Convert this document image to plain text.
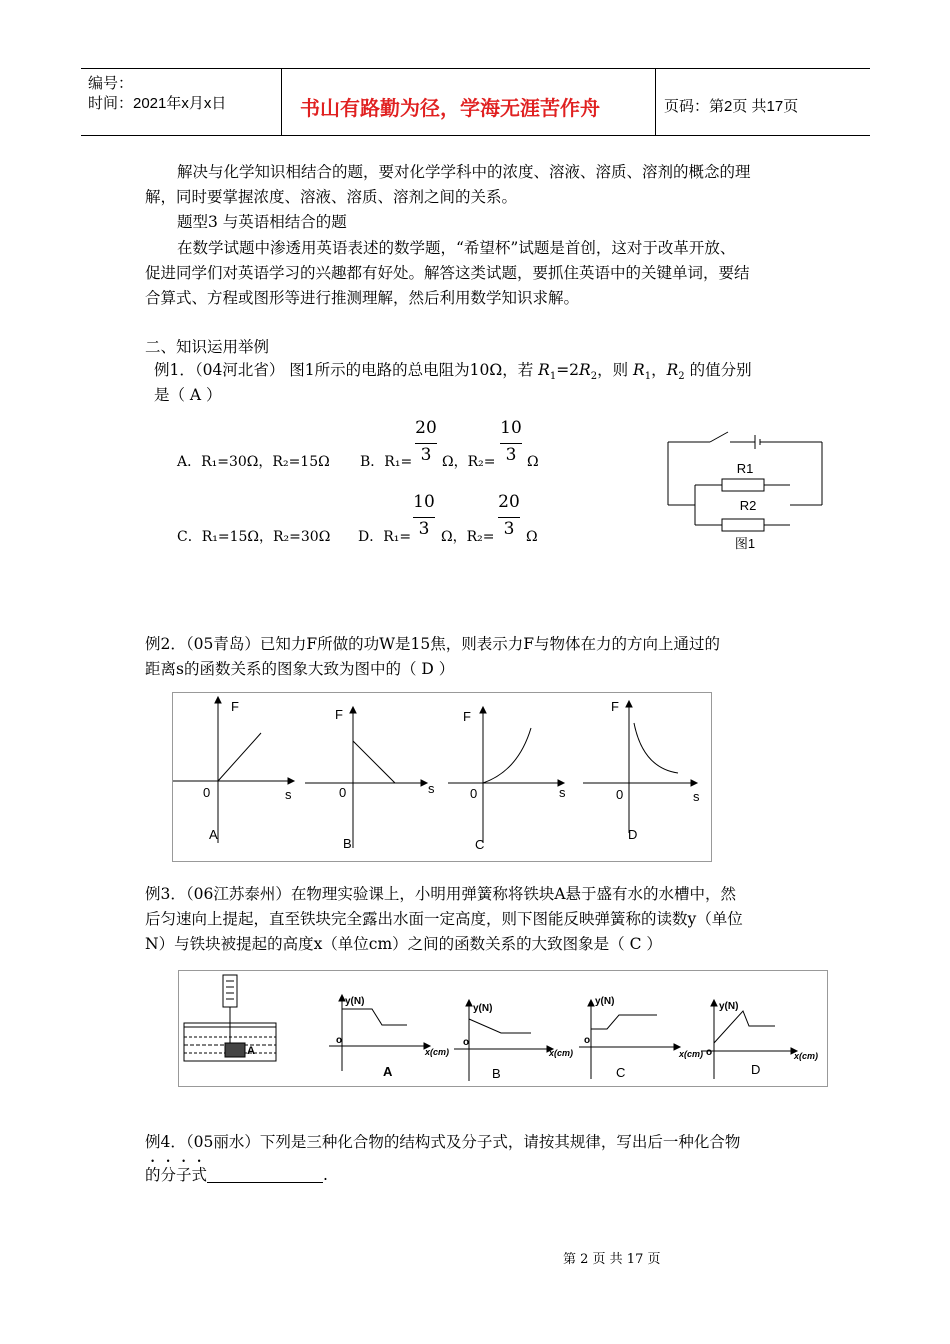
编号：
时间：2021年x月x日	书山有路勤为径，学海无涯苦作舟	页码：第2页 共17页
解决与化学知识相结合的题，要对化学学科中的浓度、溶液、溶质、溶剂的概念的理
解，同时要掌握浓度、溶液、溶质、溶剂之间的关系。
题型3 与英语相结合的题
在数学试题中渗透用英语表述的数学题，“希望杯”试题是首创，这对于改革开放、
促进同学们对英语学习的兴趣都有好处。解答这类试题，要抓住英语中的关键单词，要结
合算式、方程或图形等进行推测理解，然后利用数学知识求解。
二、知识运用举例
例1．（04河北省） 图1所示的电路的总电阻为10Ω，若 $R_1=2R_2$，则 $R_1$，$R_2$ 的值分别
是（ A ）
A．R₁=30Ω，R₂=15Ω B．R₁=
20
3 Ω，R₂=
10
3 Ω
C．R₁=15Ω，R₂=30Ω D．R₁=
10
3 Ω，R₂=
20
3 Ω
R1
R2
图1
例2．（05青岛）已知力F所做的功W是15焦，则表示力F与物体在力的方向上通过的
距离s的函数关系的图象大致为图中的（ D ）
F
0	s
A
F
0	s
B
F
0	s
C
F
0	s
D
例3．（06江苏泰州）在物理实验课上，小明用弹簧称将铁块A悬于盛有水的水槽中，然
后匀速向上提起，直至铁块完全露出水面一定高度，则下图能反映弹簧称的读数y（单位
N）与铁块被提起的高度x（单位cm）之间的函数关系的大致图象是（ C ）
A
y(N)
o
x(cm)
A
y(N)
o
x(cm)
B
y(N)
o
x(cm)
C
y(N)
o	x(cm)
D
例4．（05丽水）下列是三种化合物的结构式及分子式，请按其规律，写出后一种化合物
的分子式	.
第 2 页 共 17 页
